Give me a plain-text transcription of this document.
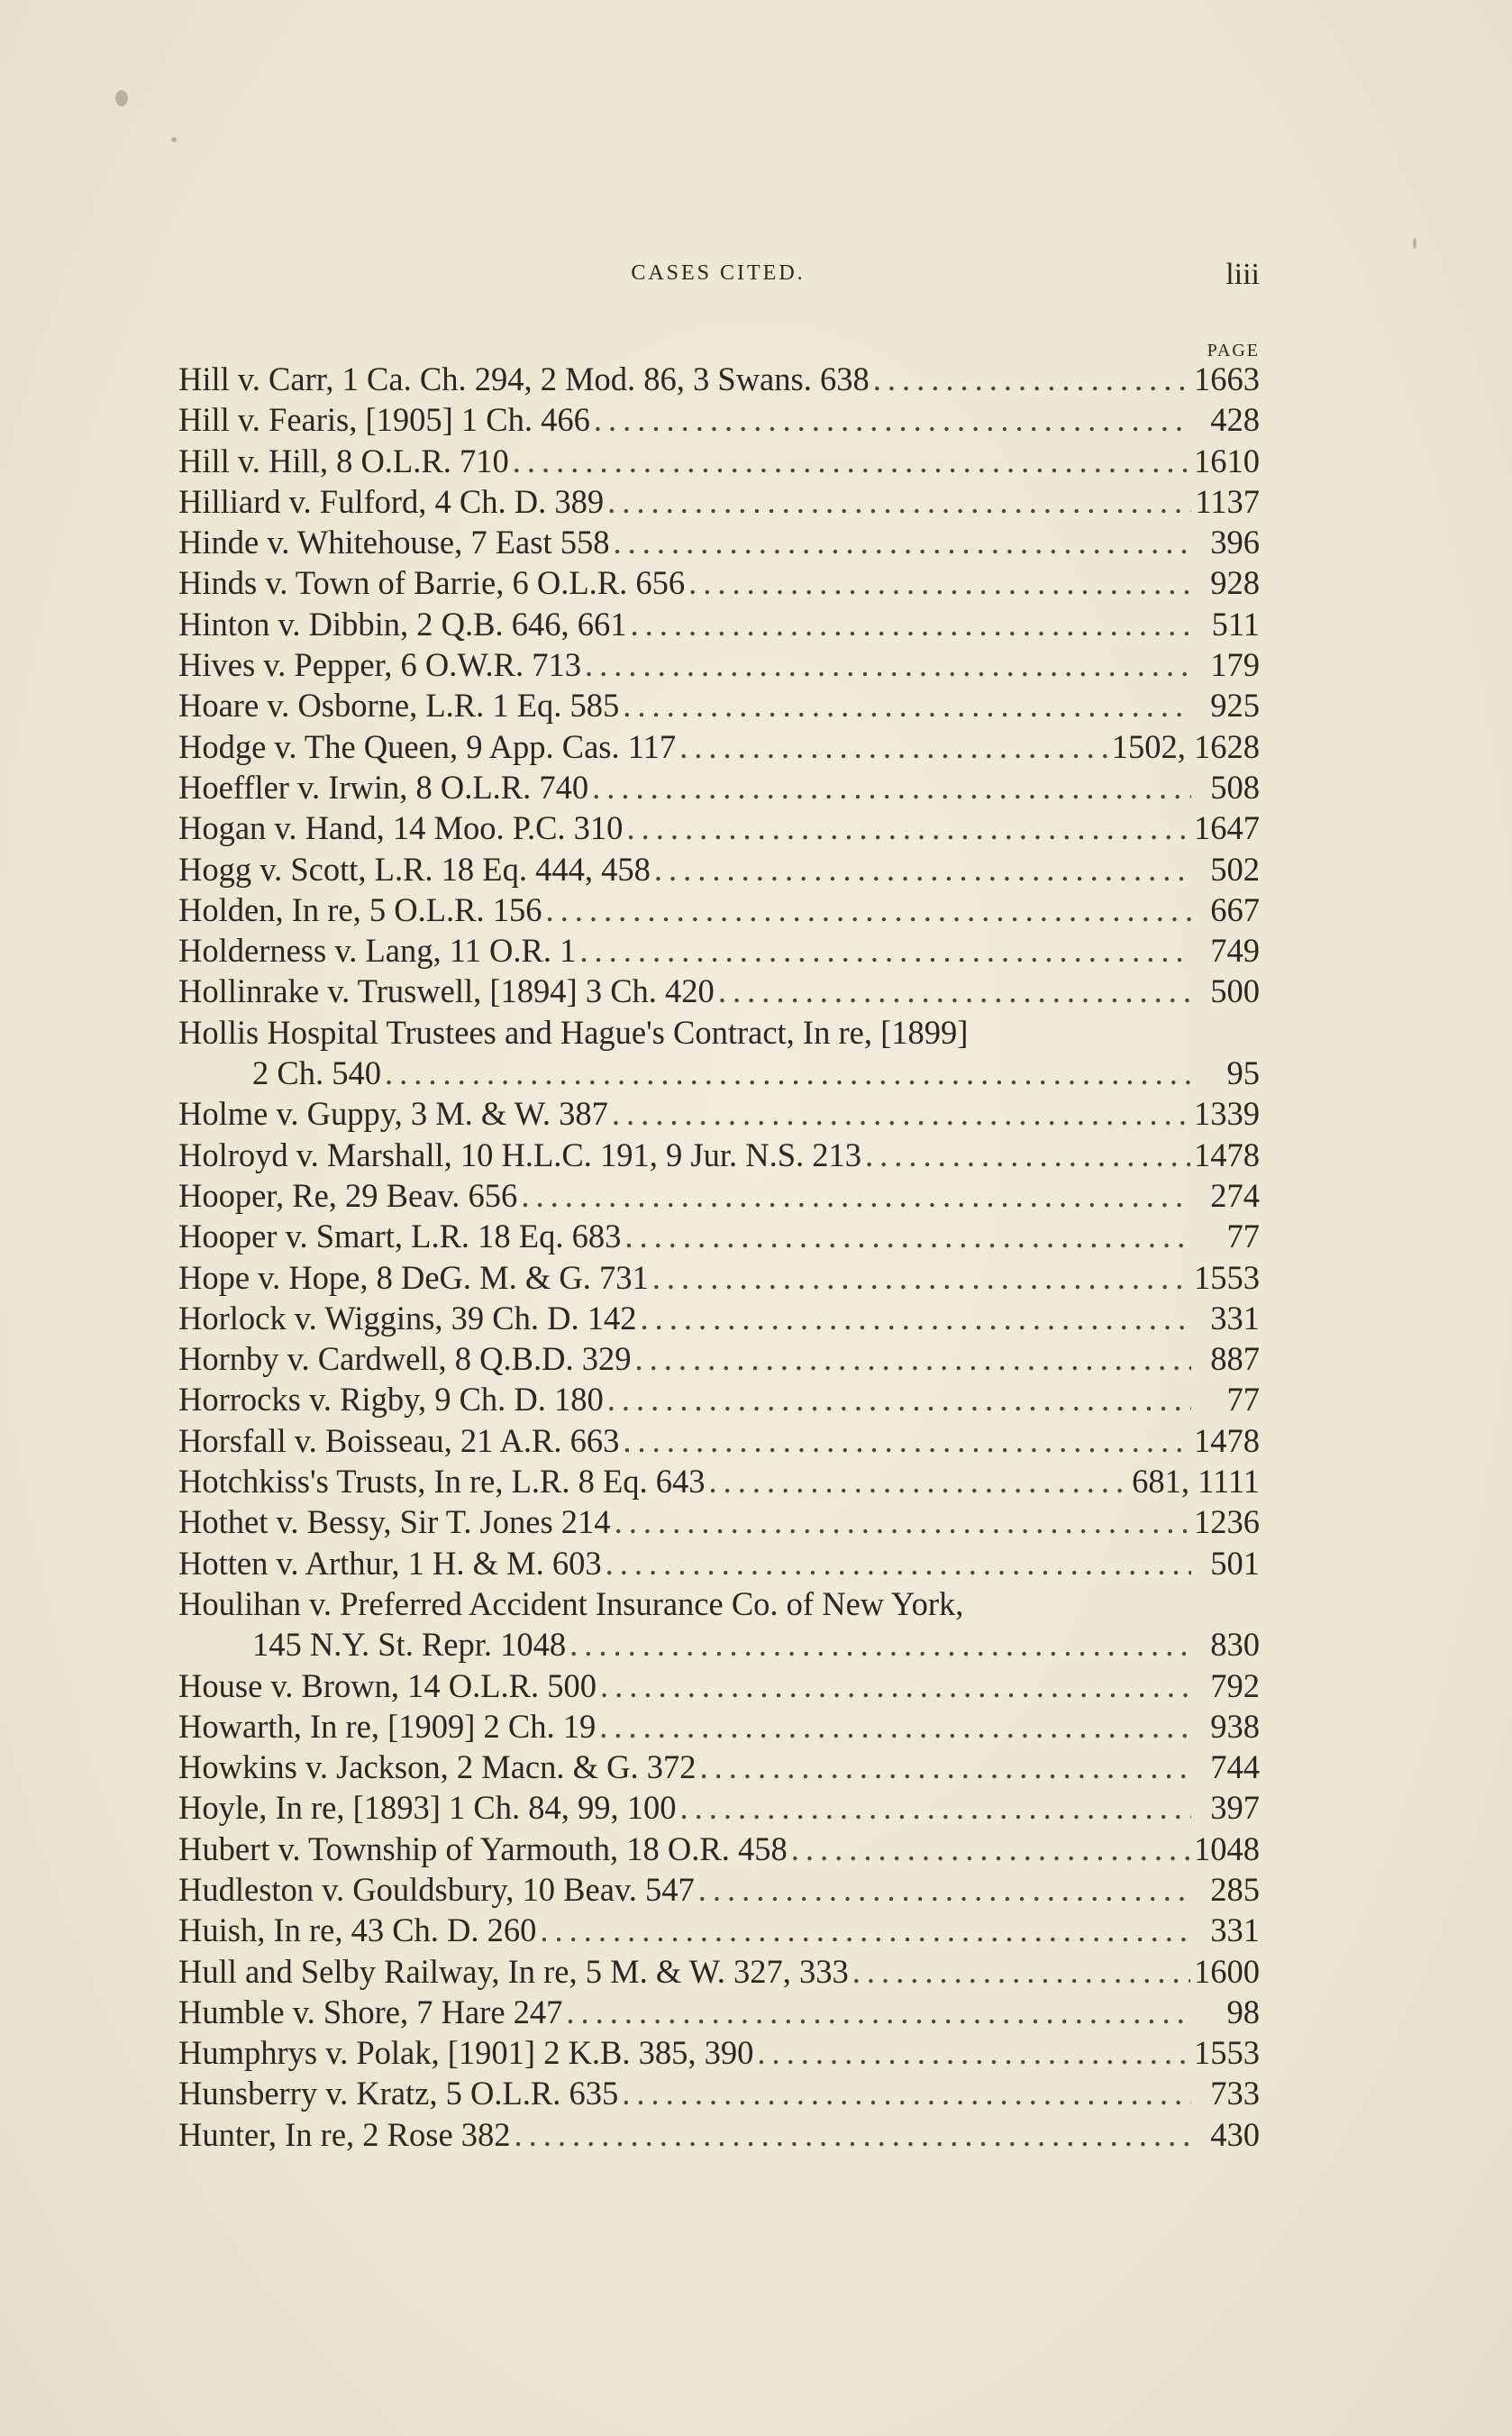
CASES CITED.	liii
PAGE
Hill v. Carr, 1 Ca. Ch. 294, 2 Mod. 86, 3 Swans. 638 .....	1663
Hill v. Fearis, [1905] 1 Ch. 466 .....	428
Hill v. Hill, 8 O.L.R. 710 .....	1610
Hilliard v. Fulford, 4 Ch. D. 389 .....	1137
Hinde v. Whitehouse, 7 East 558 .....	396
Hinds v. Town of Barrie, 6 O.L.R. 656 .....	928
Hinton v. Dibbin, 2 Q.B. 646, 661 .....	511
Hives v. Pepper, 6 O.W.R. 713 .....	179
Hoare v. Osborne, L.R. 1 Eq. 585 .....	925
Hodge v. The Queen, 9 App. Cas. 117 .....	1502, 1628
Hoeffler v. Irwin, 8 O.L.R. 740 .....	508
Hogan v. Hand, 14 Moo. P.C. 310 .....	1647
Hogg v. Scott, L.R. 18 Eq. 444, 458 .....	502
Holden, In re, 5 O.L.R. 156 .....	667
Holderness v. Lang, 11 O.R. 1 .....	749
Hollinrake v. Truswell, [1894] 3 Ch. 420 .....	500
Hollis Hospital Trustees and Hague's Contract, In re, [1899]
2 Ch. 540 .....	95
Holme v. Guppy, 3 M. & W. 387 .....	1339
Holroyd v. Marshall, 10 H.L.C. 191, 9 Jur. N.S. 213 .....	1478
Hooper, Re, 29 Beav. 656 .....	274
Hooper v. Smart, L.R. 18 Eq. 683 .....	77
Hope v. Hope, 8 DeG. M. & G. 731 .....	1553
Horlock v. Wiggins, 39 Ch. D. 142 .....	331
Hornby v. Cardwell, 8 Q.B.D. 329 .....	887
Horrocks v. Rigby, 9 Ch. D. 180 .....	77
Horsfall v. Boisseau, 21 A.R. 663 .....	1478
Hotchkiss's Trusts, In re, L.R. 8 Eq. 643 .....	681, 1111
Hothet v. Bessy, Sir T. Jones 214 .....	1236
Hotten v. Arthur, 1 H. & M. 603 .....	501
Houlihan v. Preferred Accident Insurance Co. of New York,
145 N.Y. St. Repr. 1048 .....	830
House v. Brown, 14 O.L.R. 500 .....	792
Howarth, In re, [1909] 2 Ch. 19 .....	938
Howkins v. Jackson, 2 Macn. & G. 372 .....	744
Hoyle, In re, [1893] 1 Ch. 84, 99, 100 .....	397
Hubert v. Township of Yarmouth, 18 O.R. 458 .....	1048
Hudleston v. Gouldsbury, 10 Beav. 547 .....	285
Huish, In re, 43 Ch. D. 260 .....	331
Hull and Selby Railway, In re, 5 M. & W. 327, 333 .....	1600
Humble v. Shore, 7 Hare 247 .....	98
Humphrys v. Polak, [1901] 2 K.B. 385, 390 .....	1553
Hunsberry v. Kratz, 5 O.L.R. 635 .....	733
Hunter, In re, 2 Rose 382 .....	430
